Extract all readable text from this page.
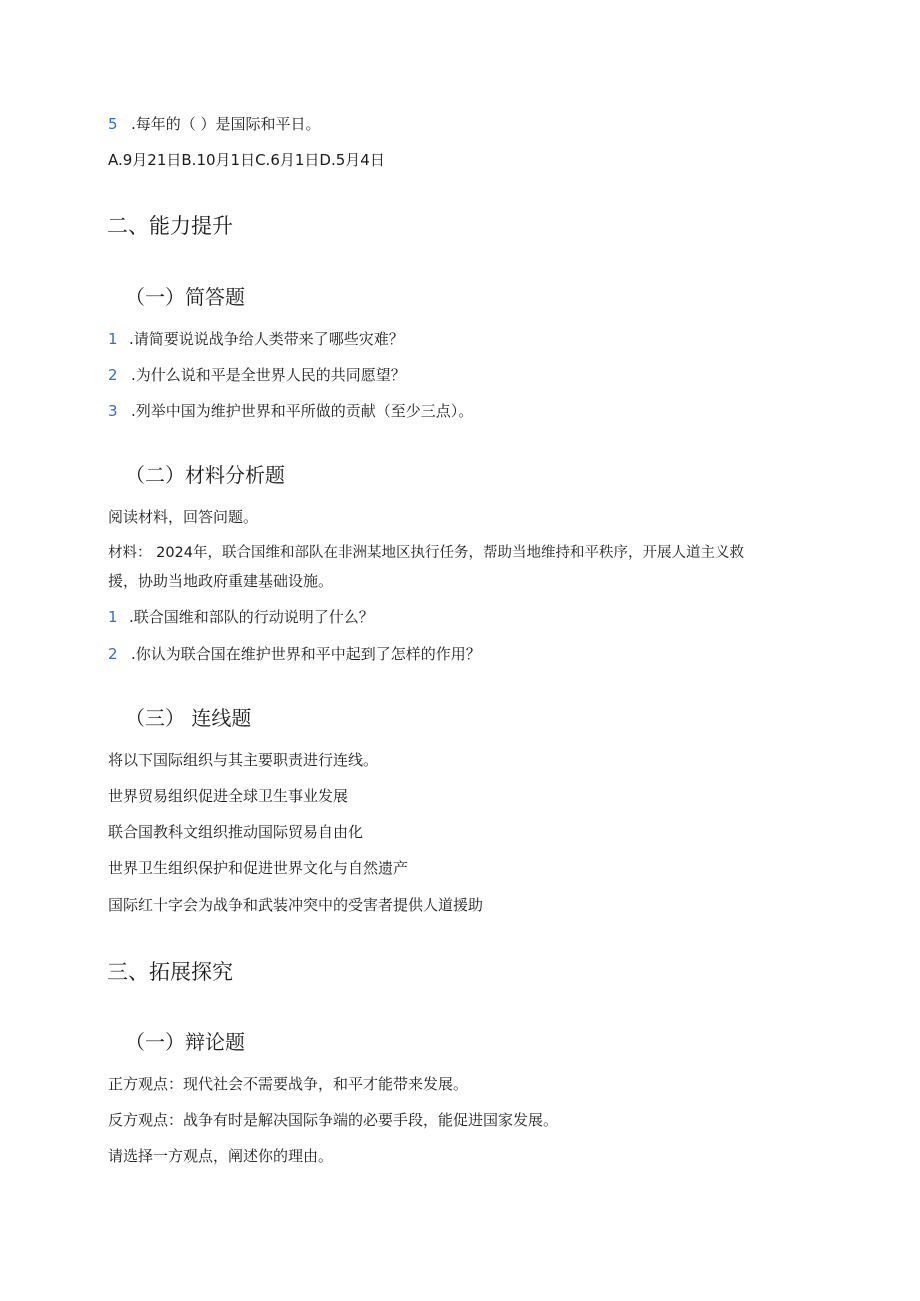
5 .每年的（ ）是国际和平日。
A.9月21日B.10月1日C.6月1日D.5月4日
二、能力提升
（一）简答题
1 .请简要说说战争给人类带来了哪些灾难？
2 .为什么说和平是全世界人民的共同愿望？
3 .列举中国为维护世界和平所做的贡献（至少三点）。
（二）材料分析题
阅读材料，回答问题。
材料： 2024年，联合国维和部队在非洲某地区执行任务，帮助当地维持和平秩序，开展人道主义救
援，协助当地政府重建基础设施。
1 .联合国维和部队的行动说明了什么？
2 .你认为联合国在维护世界和平中起到了怎样的作用？
（三） 连线题
将以下国际组织与其主要职责进行连线。
世界贸易组织促进全球卫生事业发展
联合国教科文组织推动国际贸易自由化
世界卫生组织保护和促进世界文化与自然遗产
国际红十字会为战争和武装冲突中的受害者提供人道援助
三、拓展探究
（一）辩论题
正方观点：现代社会不需要战争，和平才能带来发展。
反方观点：战争有时是解决国际争端的必要手段，能促进国家发展。
请选择一方观点，阐述你的理由。
